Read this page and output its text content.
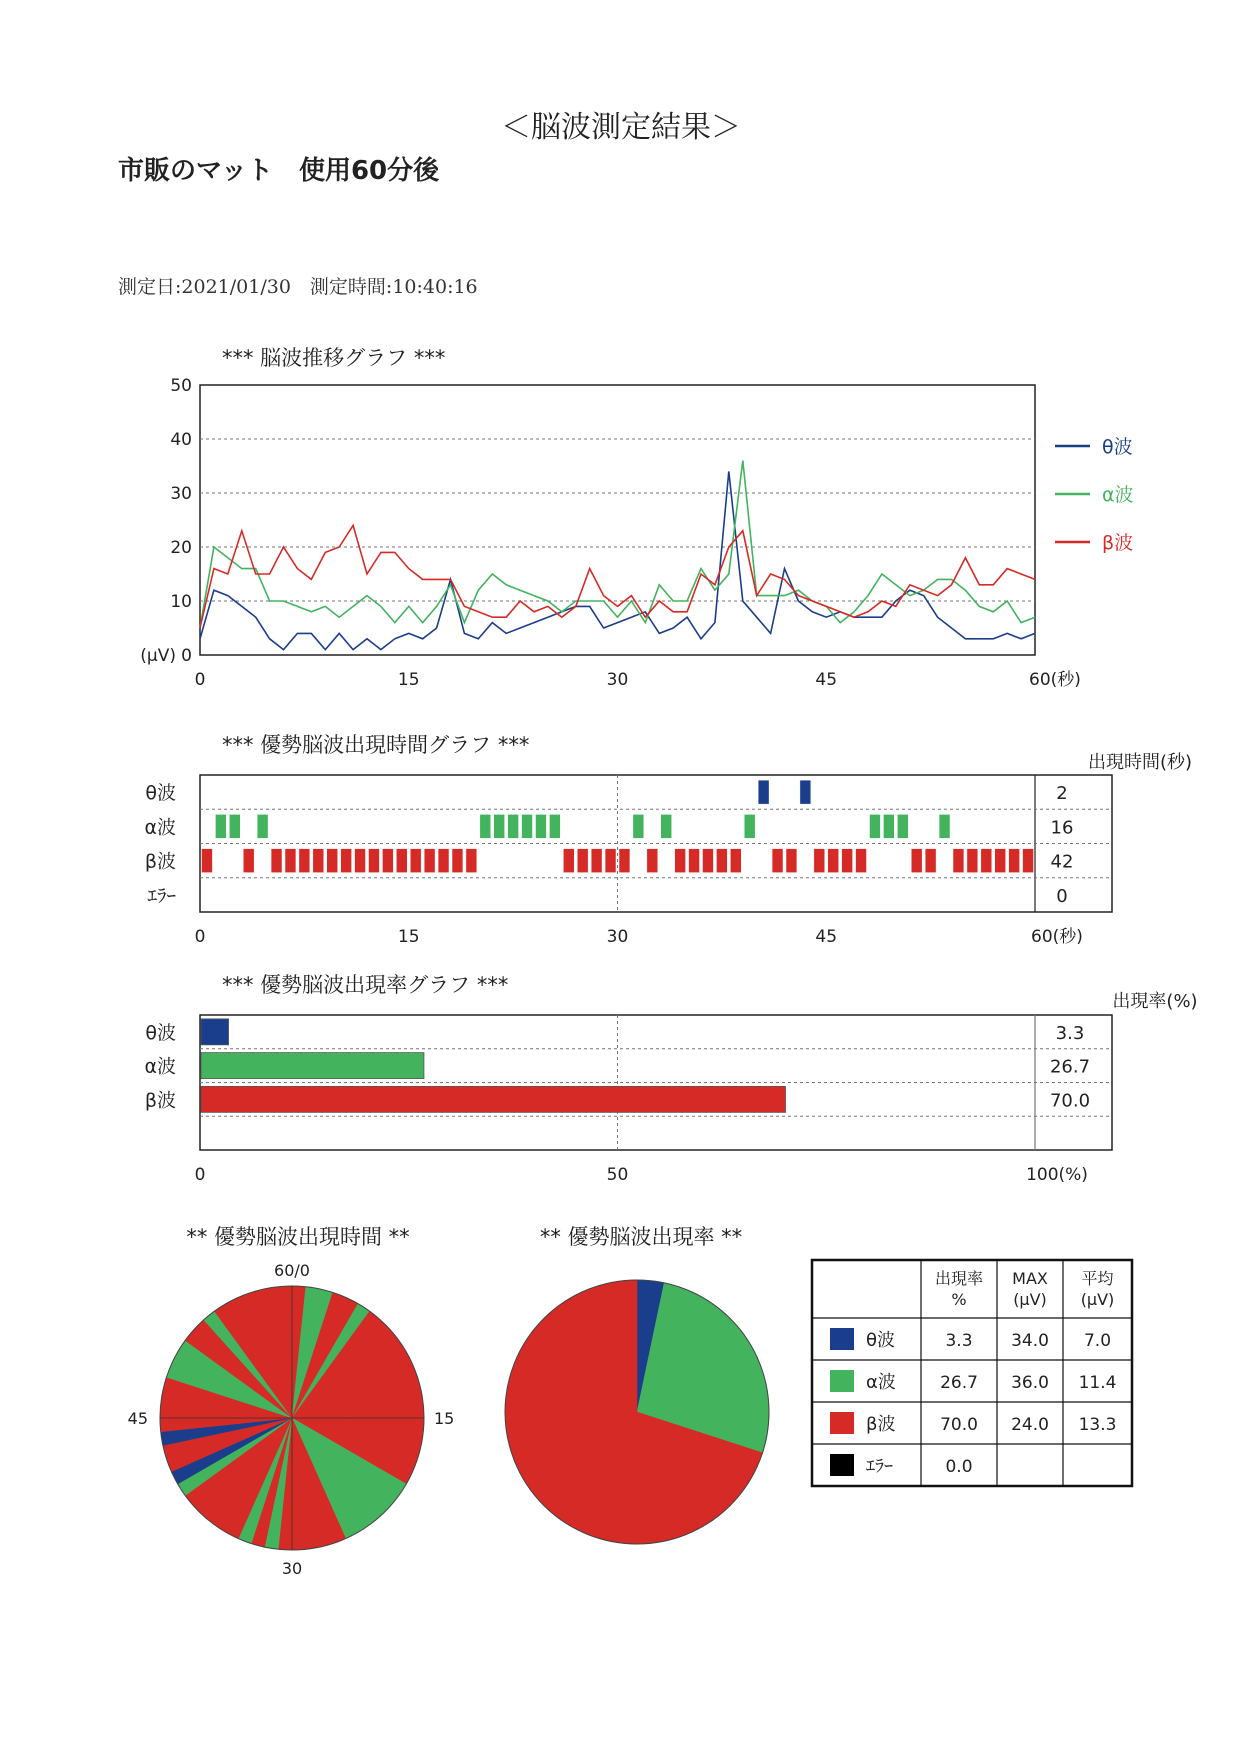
＜脳波測定結果＞
市販のマット　使用60分後
測定日:2021/01/30　測定時間:10:40:16
*** 脳波推移グラフ ***
0
10
20
30
40
50
(μV)
0	15	30	45	60(秒)
θ波
α波
β波
*** 優勢脳波出現時間グラフ ***
出現時間(秒)
θ波	2
α波	16
β波	42
ｴﾗｰ	0
0	15	30	45	60(秒)
*** 優勢脳波出現率グラフ ***
出現率(%)
θ波	3.3
α波	26.7
β波	70.0
0	50	100(%)
** 優勢脳波出現時間 **
60/0
15
30
45
** 優勢脳波出現率 **
出現率%
MAX (μV)
平均(μV)
θ波	3.3 34.0 7.0
α波	26.7 36.0 11.4
β波	70.0 24.0 13.3
ｴﾗｰ	0.0
